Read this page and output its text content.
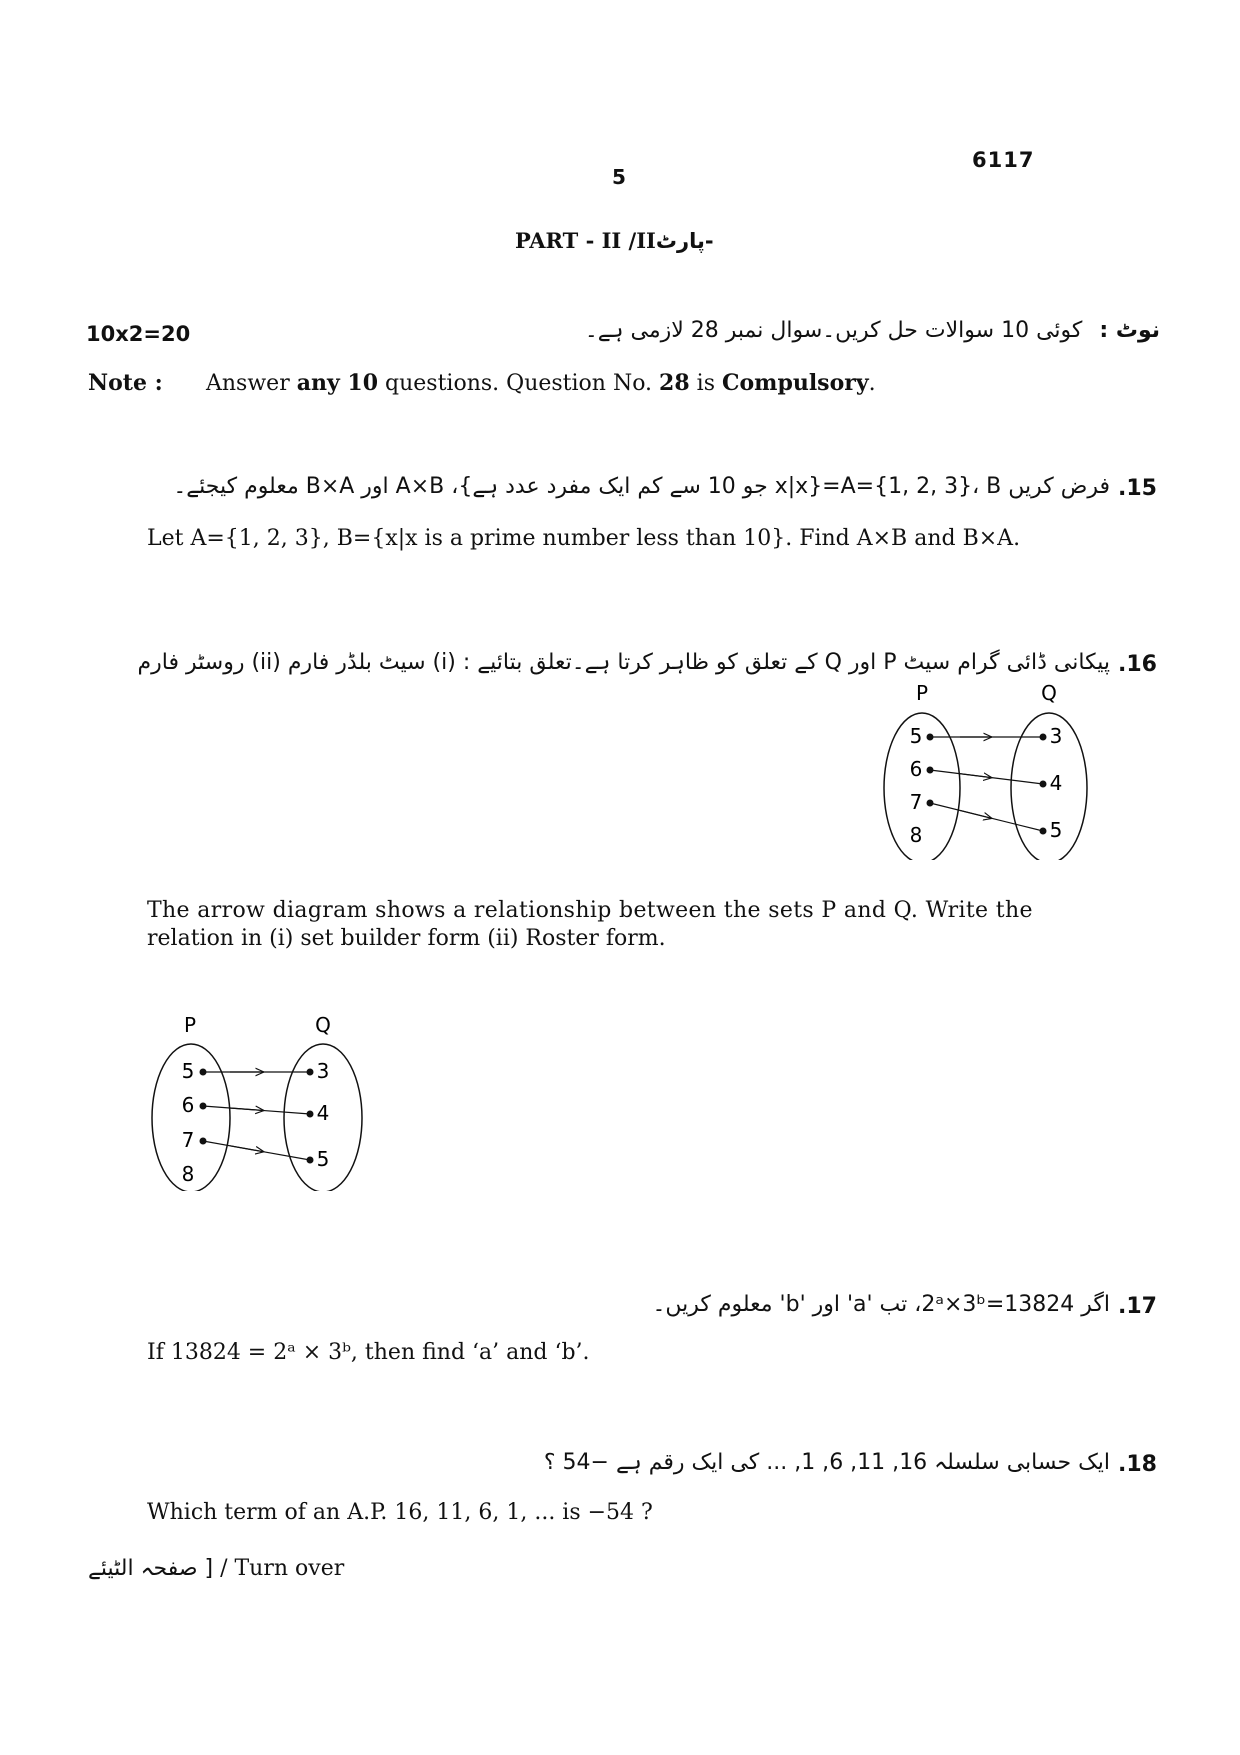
6117
5
PART - II /II-پارٹ
10x2=20	نوٹ : کوئی 10 سوالات حل کریں۔سوال نمبر 28 لازمی ہے۔
Note : Answer any 10 questions. Question No. 28 is Compulsory.
15.
فرض کریں A={1, 2, 3}، B={x|x جو 10 سے کم ایک مفرد عدد ہے}، A×B اور B×A معلوم کیجئے۔
Let A={1, 2, 3}, B={x|x is a prime number less than 10}. Find A×B and B×A.
16.
پیکانی ڈائی گرام سیٹ P اور Q کے تعلق کو ظاہر کرتا ہے۔تعلق بتائیے : (i) سیٹ بلڈر فارم (ii) روسٹر فارم
P	Q
5
6
7
8
3
4
5
The arrow diagram shows a relationship between the sets P and Q. Write the
relation in (i) set builder form (ii) Roster form.
P	Q
5
6
7
8
3
4
5
17.
اگر 13824=2ᵃ×3ᵇ، تب 'a' اور 'b' معلوم کریں۔
If 13824 = 2ᵃ × 3ᵇ, then find ‘a’ and ‘b’.
18.
ایک حسابی سلسلہ 16, 11, 6, 1, ... کی ایک رقم ہے −54 ؟
Which term of an A.P. 16, 11, 6, 1, ... is −54 ?
[ صفحہ الٹیئے / Turn over
